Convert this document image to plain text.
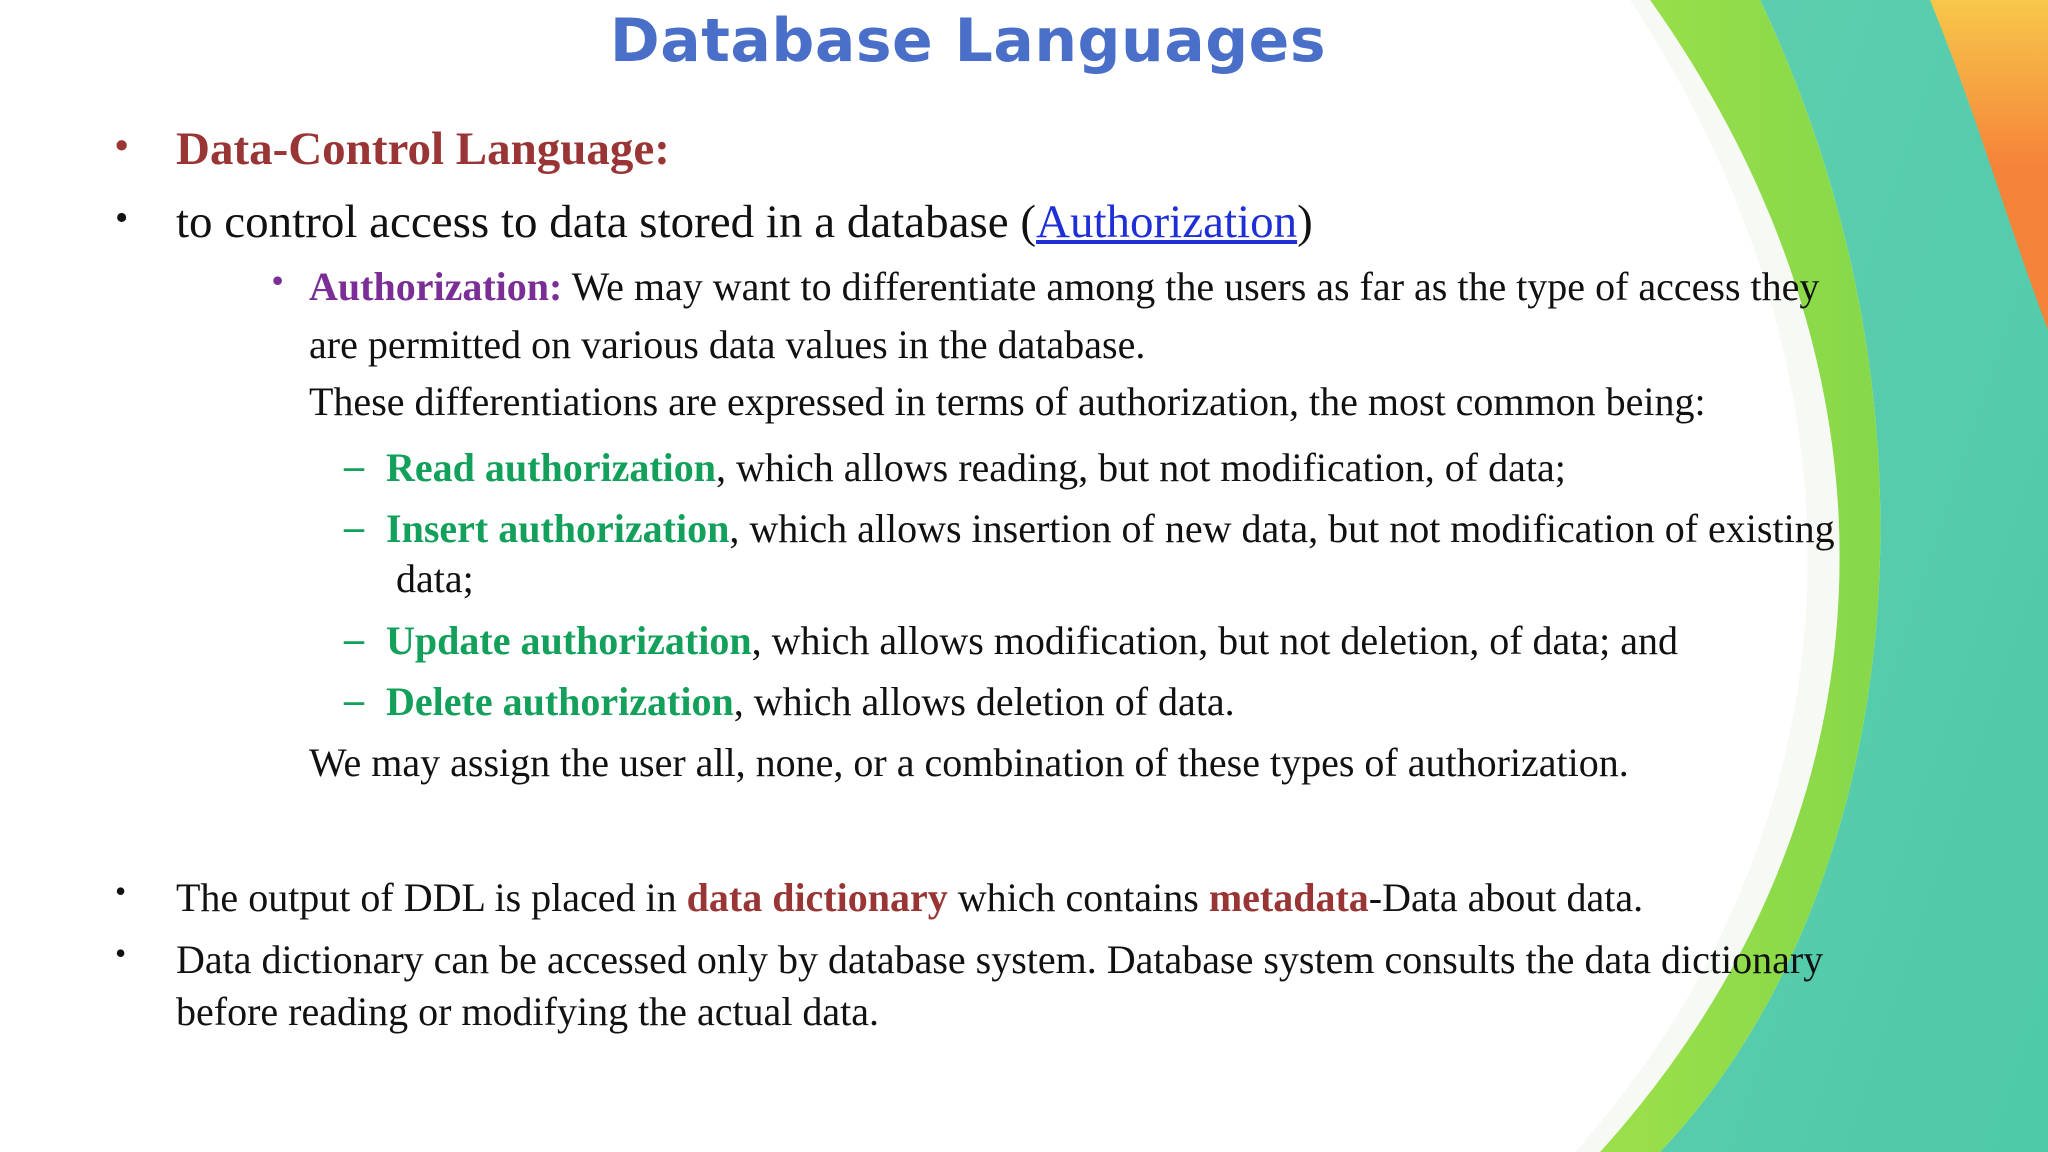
Database Languages
• Data-Control Language:
• to control access to data stored in a database (Authorization)
• Authorization: We may want to differentiate among the users as far as the type of access they
are permitted on various data values in the database.
These differentiations are expressed in terms of authorization, the most common being:
– Read authorization, which allows reading, but not modification, of data;
– Insert authorization, which allows insertion of new data, but not modification of existing
data;
– Update authorization, which allows modification, but not deletion, of data; and
– Delete authorization, which allows deletion of data.
We may assign the user all, none, or a combination of these types of authorization.
• The output of DDL is placed in data dictionary which contains metadata-Data about data.
• Data dictionary can be accessed only by database system. Database system consults the data dictionary
before reading or modifying the actual data.
